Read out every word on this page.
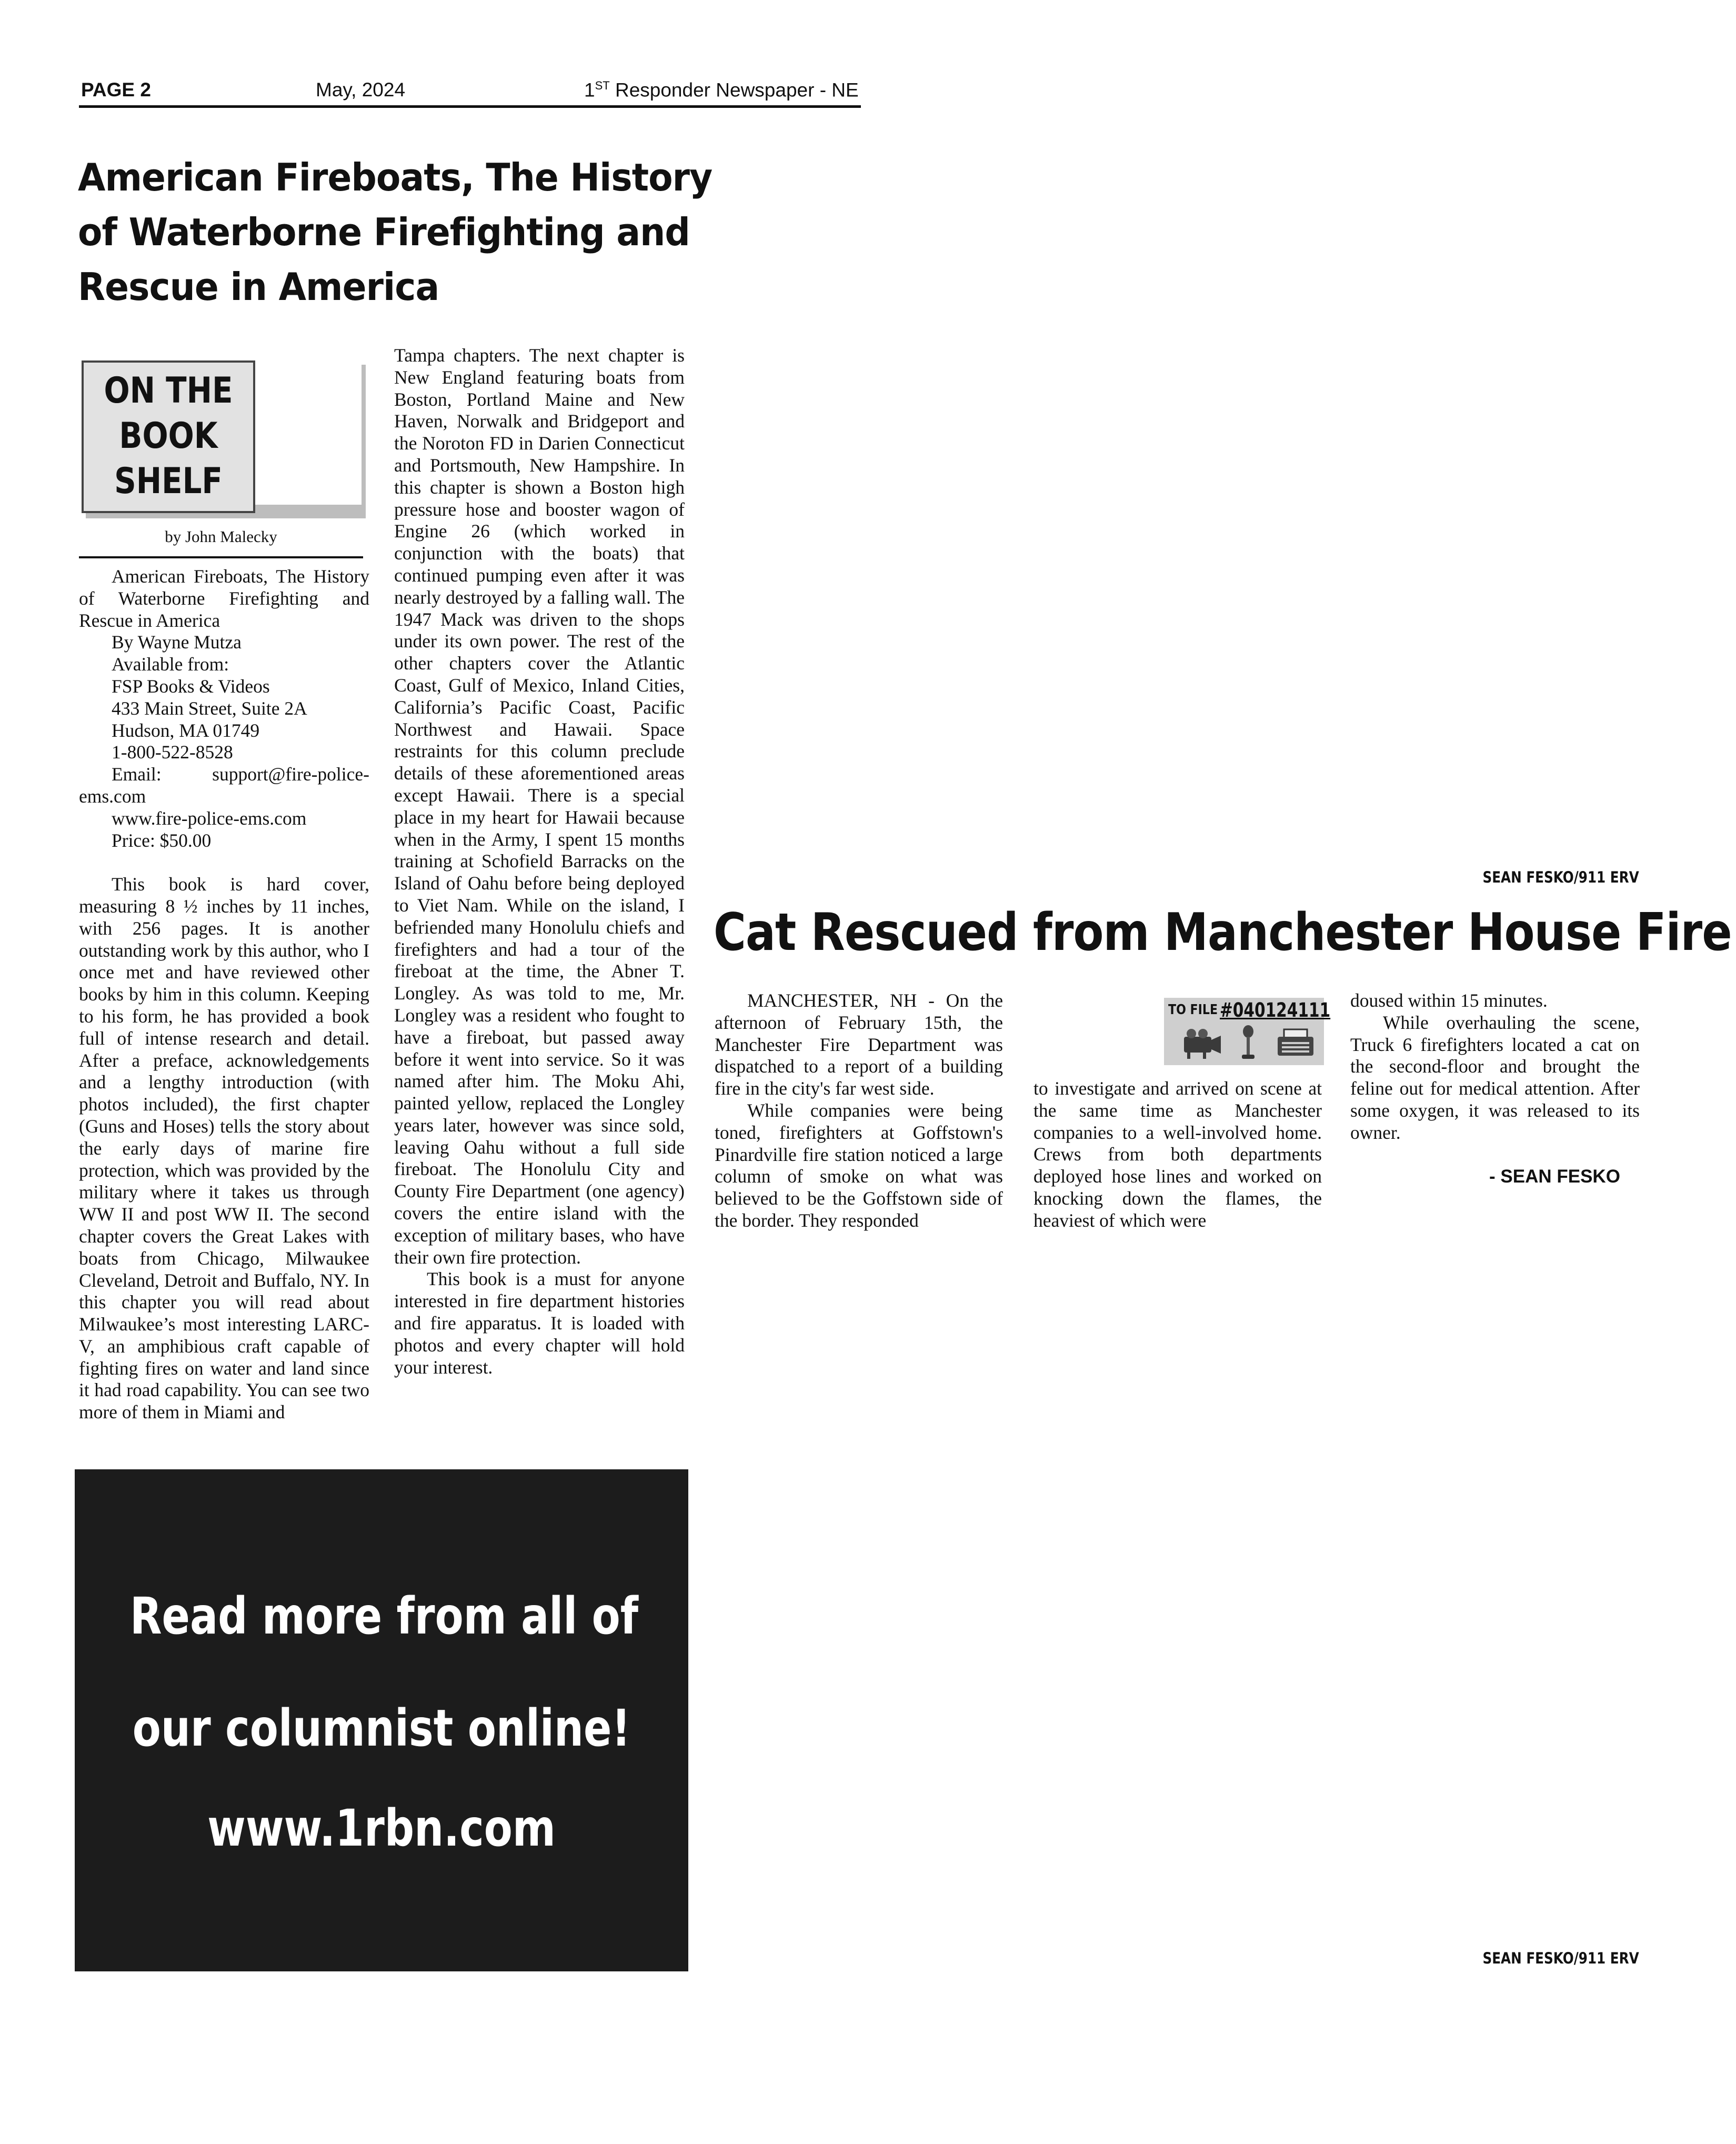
PAGE 2	May, 2024	1ST Responder Newspaper - NE
American Fireboats, The History
of Waterborne Firefighting and
Rescue in America
ON THE
BOOK
SHELF
by John Malecky

American Fireboats, The History of Waterborne Firefighting and Rescue in America

By Wayne Mutza
Available from:
FSP Books & Videos
433 Main Street, Suite 2A
Hudson, MA 01749
1-800-522-8528

Email: support@fire-police-ems.com

www.fire-police-ems.com
Price: $50.00

This book is hard cover, measuring 8 ½ inches by 11 inches, with 256 pages. It is another outstanding work by this author, who I once met and have reviewed other books by him in this column. Keeping to his form, he has provided a book full of intense research and detail. After a preface, acknowledgements and a lengthy introduction (with photos included), the first chapter (Guns and Hoses) tells the story about the early days of marine fire protection, which was provided by the military where it takes us through WW II and post WW II. The second chapter covers the Great Lakes with boats from Chicago, Milwaukee Cleveland, Detroit and Buffalo, NY. In this chapter you will read about Milwaukee’s most interesting LARC-V, an amphibious craft capable of fighting fires on water and land since it had road capability. You can see two more of them in Miami and

Tampa chapters. The next chapter is New England featuring boats from Boston, Portland Maine and New Haven, Norwalk and Bridgeport and the Noroton FD in Darien Connecticut and Portsmouth, New Hampshire. In this chapter is shown a Boston high pressure hose and booster wagon of Engine 26 (which worked in conjunction with the boats) that continued pumping even after it was nearly destroyed by a falling wall. The 1947 Mack was driven to the shops under its own power. The rest of the other chapters cover the Atlantic Coast, Gulf of Mexico, Inland Cities, California’s Pacific Coast, Pacific Northwest and Hawaii. Space restraints for this column preclude details of these aforementioned areas except Hawaii. There is a special place in my heart for Hawaii because when in the Army, I spent 15 months training at Schofield Barracks on the Island of Oahu before being deployed to Viet Nam. While on the island, I befriended many Honolulu chiefs and firefighters and had a tour of the fireboat at the time, the Abner T. Longley. As was told to me, Mr. Longley was a resident who fought to have a fireboat, but passed away before it went into service. So it was named after him. The Moku Ahi, painted yellow, replaced the Longley years later, however was since sold, leaving Oahu without a full side fireboat. The Honolulu City and County Fire Department (one agency) covers the entire island with the exception of military bases, who have their own fire protection.

This book is a must for anyone interested in fire department histories and fire apparatus. It is loaded with photos and every chapter will hold your interest.

Read more from all of
our columnist online!
www.1rbn.com
SEAN FESKO/911 ERV
Cat Rescued from Manchester House Fire

MANCHESTER, NH - On the afternoon of February 15th, the Manchester Fire Department was dispatched to a report of a building fire in the city's far west side.

While companies were being toned, firefighters at Goffstown's Pinardville fire station noticed a large column of smoke on what was believed to be the Goffstown side of the border. They responded

TO FILE #040124111

to investigate and arrived on scene at the same time as Manchester companies to a well-involved home. Crews from both departments deployed hose lines and worked on knocking down the flames, the heaviest of which were

doused within 15 minutes.

While overhauling the scene, Truck 6 firefighters located a cat on the second-floor and brought the feline out for medical attention. After some oxygen, it was released to its owner.

- SEAN FESKO
SEAN FESKO/911 ERV
